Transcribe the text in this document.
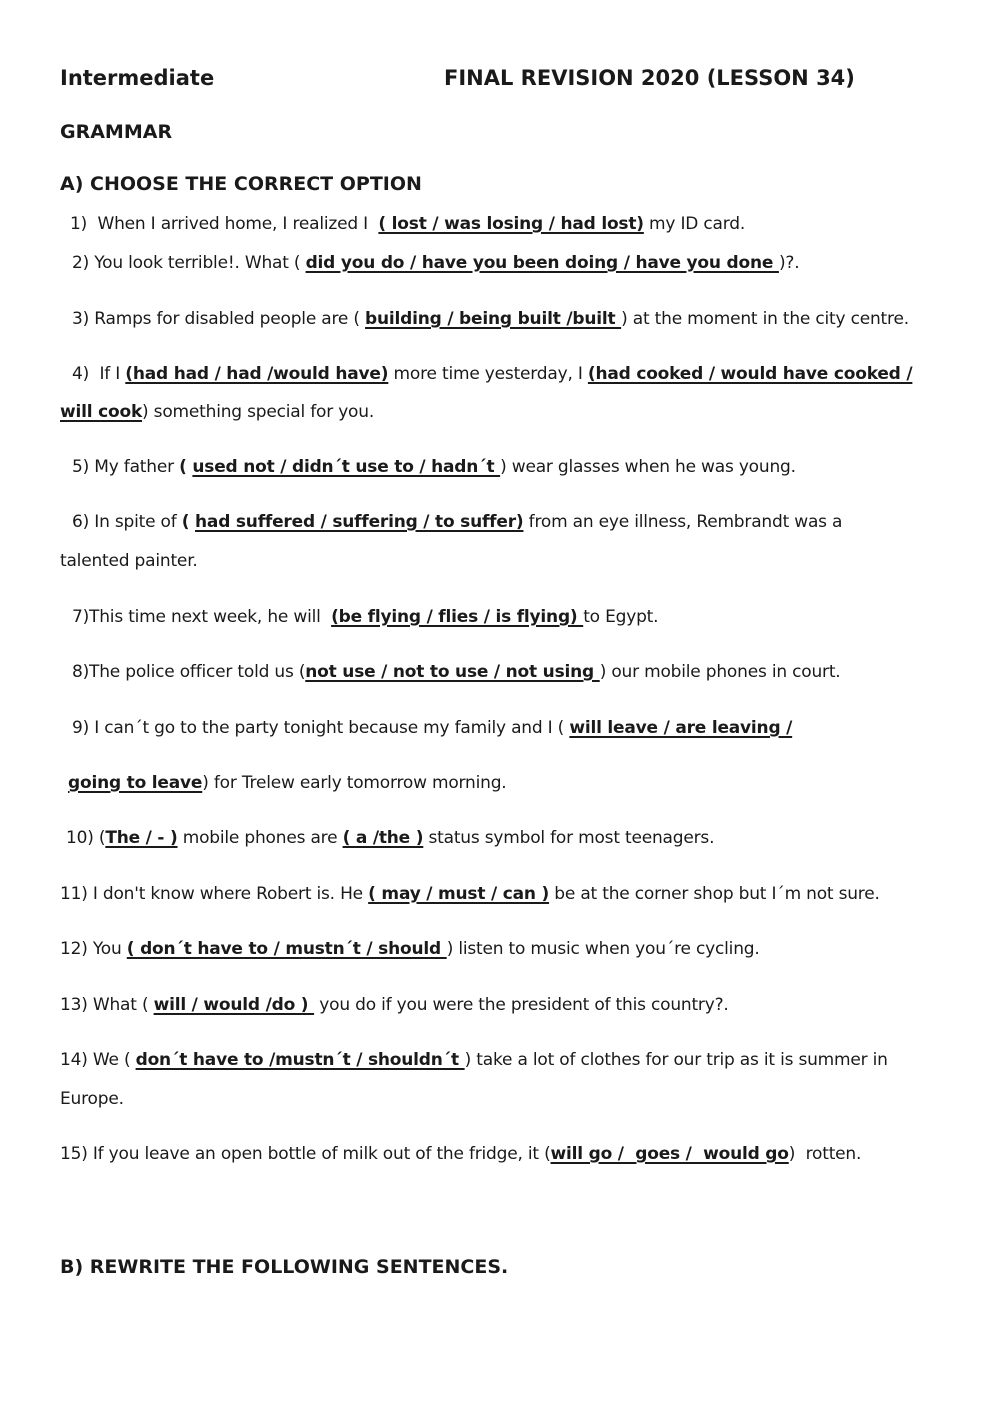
Intermediate	FINAL REVISION 2020 (LESSON 34)
GRAMMAR
A) CHOOSE THE CORRECT OPTION
1)  When I arrived home, I realized I  ( lost / was losing / had lost) my ID card.
2) You look terrible!. What ( did you do / have you been doing / have you done )?.
3) Ramps for disabled people are ( building / being built /built ) at the moment in the city centre.
4)  If I (had had / had /would have) more time yesterday, I (had cooked / would have cooked /
will cook) something special for you.
5) My father ( used not / didn´t use to / hadn´t ) wear glasses when he was young.
6) In spite of ( had suffered / suffering / to suffer) from an eye illness, Rembrandt was a
talented painter.
7)This time next week, he will  (be flying / flies / is flying) to Egypt.
8)The police officer told us (not use / not to use / not using ) our mobile phones in court.
9) I can´t go to the party tonight because my family and I ( will leave / are leaving /
going to leave) for Trelew early tomorrow morning.
10) (The / - ) mobile phones are ( a /the ) status symbol for most teenagers.
11) I don't know where Robert is. He ( may / must / can ) be at the corner shop but I´m not sure.
12) You ( don´t have to / mustn´t / should ) listen to music when you´re cycling.
13) What ( will / would /do )  you do if you were the president of this country?.
14) We ( don´t have to /mustn´t / shouldn´t ) take a lot of clothes for our trip as it is summer in
Europe.
15) If you leave an open bottle of milk out of the fridge, it (will go /  goes /  would go)  rotten.
B) REWRITE THE FOLLOWING SENTENCES.
